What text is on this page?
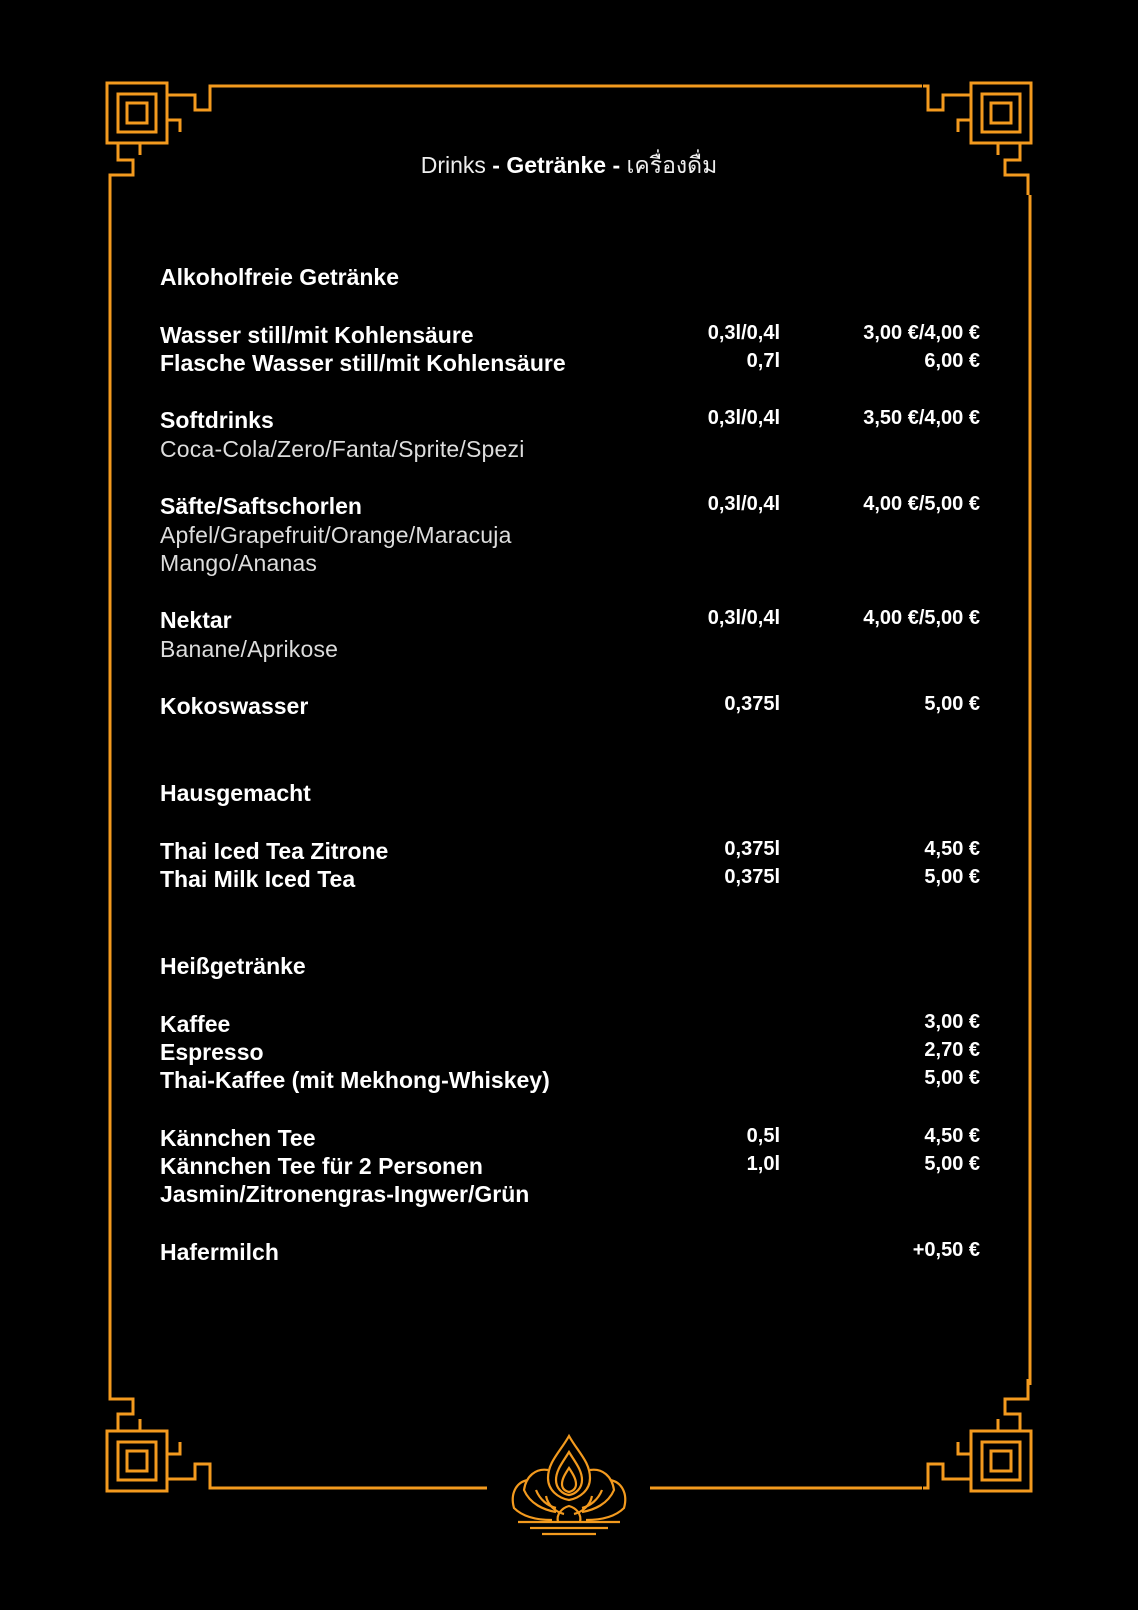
Drinks - Getränke - เครื่องดื่ม
Alkoholfreie Getränke
Wasser still/mit Kohlensäure	0,3l/0,4l	3,00 €/4,00 €
Flasche Wasser still/mit Kohlensäure	0,7l	6,00 €
Softdrinks	0,3l/0,4l	3,50 €/4,00 €
Coca-Cola/Zero/Fanta/Sprite/Spezi
Säfte/Saftschorlen	0,3l/0,4l	4,00 €/5,00 €
Apfel/Grapefruit/Orange/Maracuja
Mango/Ananas
Nektar	0,3l/0,4l	4,00 €/5,00 €
Banane/Aprikose
Kokoswasser	0,375l	5,00 €
Hausgemacht
Thai Iced Tea Zitrone	0,375l	4,50 €
Thai Milk Iced Tea	0,375l	5,00 €
Heißgetränke
Kaffee	3,00 €
Espresso	2,70 €
Thai-Kaffee (mit Mekhong-Whiskey)	5,00 €
Kännchen Tee	0,5l	4,50 €
Kännchen Tee für 2 Personen	1,0l	5,00 €
Jasmin/Zitronengras-Ingwer/Grün
Hafermilch	+0,50 €
